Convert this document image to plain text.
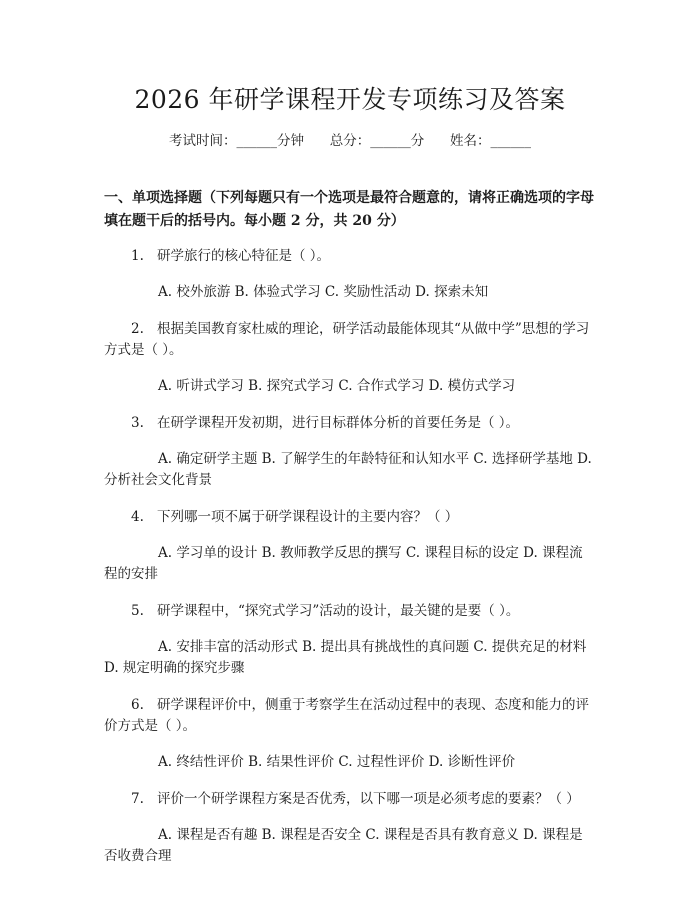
2026 年研学课程开发专项练习及答案
考试时间：______分钟      总分：______分      姓名：______
一、单项选择题（下列每题只有一个选项是最符合题意的，请将正确选项的字母填在题干后的括号内。每小题 2 分，共 20 分）

1. 研学旅行的核心特征是（ ）。

A. 校外旅游 B. 体验式学习 C. 奖励性活动 D. 探索未知

2. 根据美国教育家杜威的理论，研学活动最能体现其“从做中学”思想的学习方式是（ ）。

A. 听讲式学习 B. 探究式学习 C. 合作式学习 D. 模仿式学习

3. 在研学课程开发初期，进行目标群体分析的首要任务是（ ）。

A. 确定研学主题 B. 了解学生的年龄特征和认知水平 C. 选择研学基地 D. 分析社会文化背景

4. 下列哪一项不属于研学课程设计的主要内容？（ ）

A. 学习单的设计 B. 教师教学反思的撰写 C. 课程目标的设定 D. 课程流程的安排

5. 研学课程中，“探究式学习”活动的设计，最关键的是要（ ）。

A. 安排丰富的活动形式 B. 提出具有挑战性的真问题 C. 提供充足的材料 D. 规定明确的探究步骤

6. 研学课程评价中，侧重于考察学生在活动过程中的表现、态度和能力的评价方式是（ ）。

A. 终结性评价 B. 结果性评价 C. 过程性评价 D. 诊断性评价

7. 评价一个研学课程方案是否优秀，以下哪一项是必须考虑的要素？（ ）

A. 课程是否有趣 B. 课程是否安全 C. 课程是否具有教育意义 D. 课程是否收费合理
